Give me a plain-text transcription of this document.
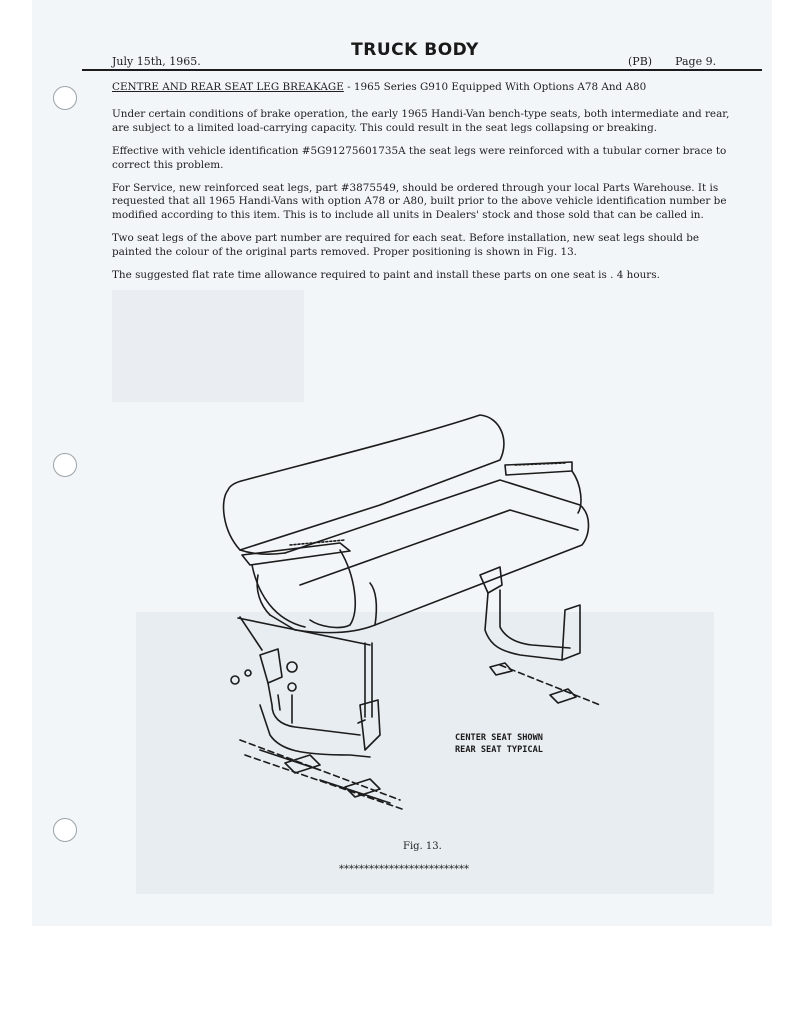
July 15th, 1965.
TRUCK BODY
(PB) Page 9.
CENTRE AND REAR SEAT LEG BREAKAGE - 1965 Series G910 Equipped With Options A78 And A80

Under certain conditions of brake operation, the early 1965 Handi-Van bench-type seats, both intermediate and rear, are subject to a limited load-carrying capacity. This could result in the seat legs collapsing or breaking.

Effective with vehicle identification #5G91275601735A the seat legs were reinforced with a tubular corner brace to correct this problem.

For Service, new reinforced seat legs, part #3875549, should be ordered through your local Parts Warehouse. It is requested that all 1965 Handi-Vans with option A78 or A80, built prior to the above vehicle identification number be modified according to this item. This is to include all units in Dealers' stock and those sold that can be called in.

Two seat legs of the above part number are required for each seat. Before installation, new seat legs should be painted the colour of the original parts removed. Proper positioning is shown in Fig. 13.

The suggested flat rate time allowance required to paint and install these parts on one seat is . 4 hours.

CENTER SEAT SHOWN
REAR SEAT TYPICAL
Fig. 13.
**************************
